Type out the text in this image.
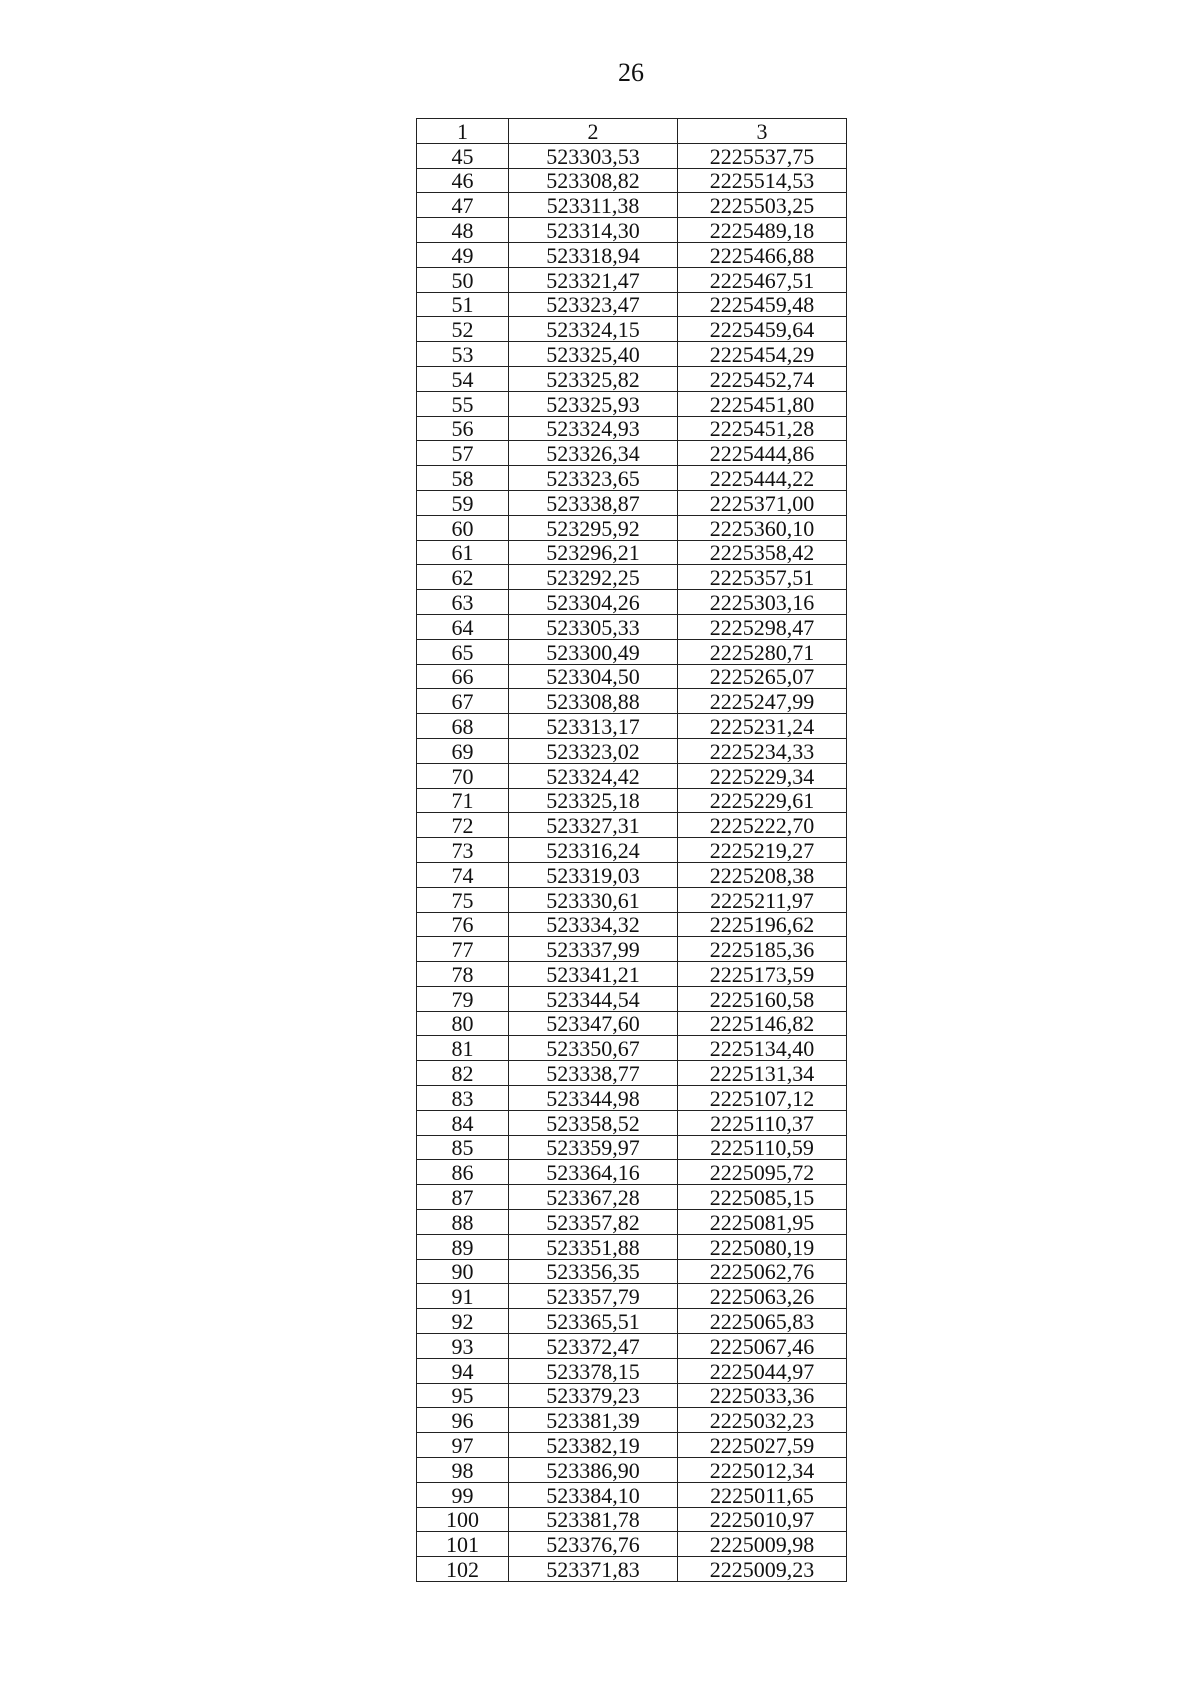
26
1	2	3
45	523303,53	2225537,75
46	523308,82	2225514,53
47	523311,38	2225503,25
48	523314,30	2225489,18
49	523318,94	2225466,88
50	523321,47	2225467,51
51	523323,47	2225459,48
52	523324,15	2225459,64
53	523325,40	2225454,29
54	523325,82	2225452,74
55	523325,93	2225451,80
56	523324,93	2225451,28
57	523326,34	2225444,86
58	523323,65	2225444,22
59	523338,87	2225371,00
60	523295,92	2225360,10
61	523296,21	2225358,42
62	523292,25	2225357,51
63	523304,26	2225303,16
64	523305,33	2225298,47
65	523300,49	2225280,71
66	523304,50	2225265,07
67	523308,88	2225247,99
68	523313,17	2225231,24
69	523323,02	2225234,33
70	523324,42	2225229,34
71	523325,18	2225229,61
72	523327,31	2225222,70
73	523316,24	2225219,27
74	523319,03	2225208,38
75	523330,61	2225211,97
76	523334,32	2225196,62
77	523337,99	2225185,36
78	523341,21	2225173,59
79	523344,54	2225160,58
80	523347,60	2225146,82
81	523350,67	2225134,40
82	523338,77	2225131,34
83	523344,98	2225107,12
84	523358,52	2225110,37
85	523359,97	2225110,59
86	523364,16	2225095,72
87	523367,28	2225085,15
88	523357,82	2225081,95
89	523351,88	2225080,19
90	523356,35	2225062,76
91	523357,79	2225063,26
92	523365,51	2225065,83
93	523372,47	2225067,46
94	523378,15	2225044,97
95	523379,23	2225033,36
96	523381,39	2225032,23
97	523382,19	2225027,59
98	523386,90	2225012,34
99	523384,10	2225011,65
100	523381,78	2225010,97
101	523376,76	2225009,98
102	523371,83	2225009,23
